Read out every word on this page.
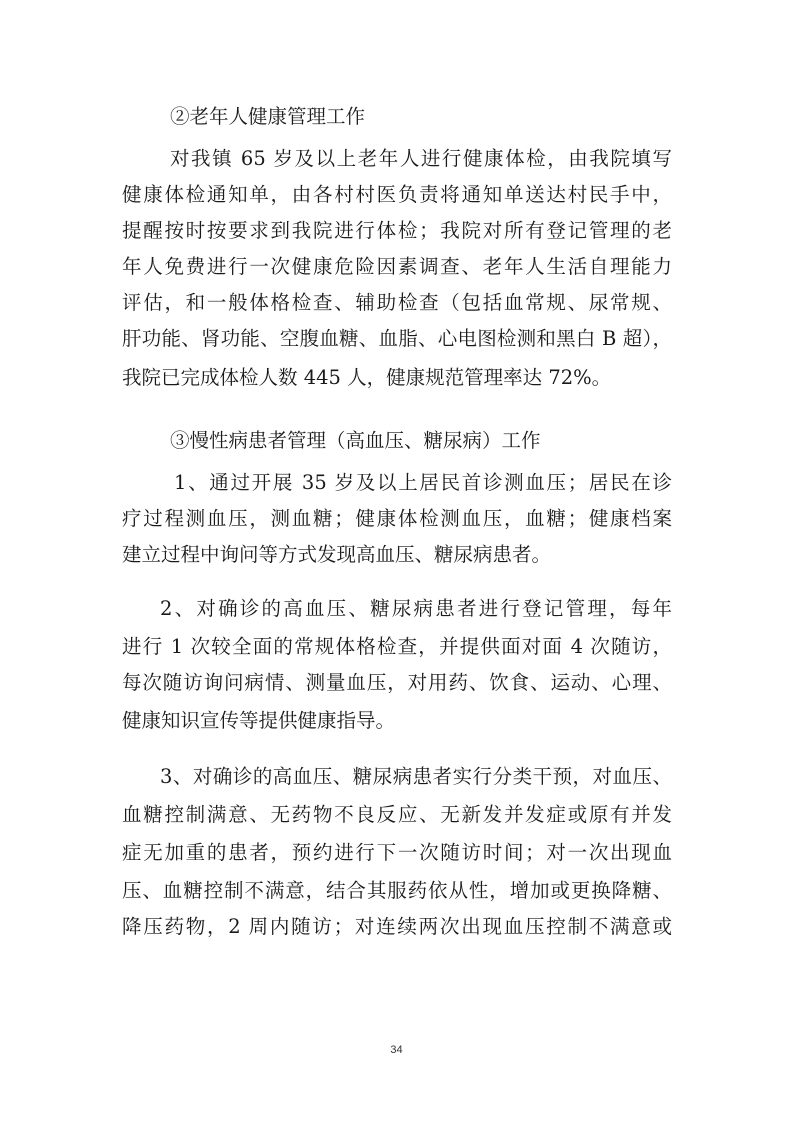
②老年人健康管理工作
对我镇 65 岁及以上老年人进行健康体检，由我院填写
健康体检通知单，由各村村医负责将通知单送达村民手中，
提醒按时按要求到我院进行体检；我院对所有登记管理的老
年人免费进行一次健康危险因素调查、老年人生活自理能力
评估，和一般体格检查、辅助检查（包括血常规、尿常规、
肝功能、肾功能、空腹血糖、血脂、心电图检测和黑白 B 超），
我院已完成体检人数 445 人，健康规范管理率达 72%。
③慢性病患者管理（高血压、糖尿病）工作
1、通过开展 35 岁及以上居民首诊测血压；居民在诊
疗过程测血压，测血糖；健康体检测血压，血糖；健康档案
建立过程中询问等方式发现高血压、糖尿病患者。
2、对确诊的高血压、糖尿病患者进行登记管理，每年
进行 1 次较全面的常规体格检查，并提供面对面 4 次随访，
每次随访询问病情、测量血压，对用药、饮食、运动、心理、
健康知识宣传等提供健康指导。
3、对确诊的高血压、糖尿病患者实行分类干预，对血压、
血糖控制满意、无药物不良反应、无新发并发症或原有并发
症无加重的患者，预约进行下一次随访时间；对一次出现血
压、血糖控制不满意，结合其服药依从性，增加或更换降糖、
降压药物，2 周内随访；对连续两次出现血压控制不满意或
34
